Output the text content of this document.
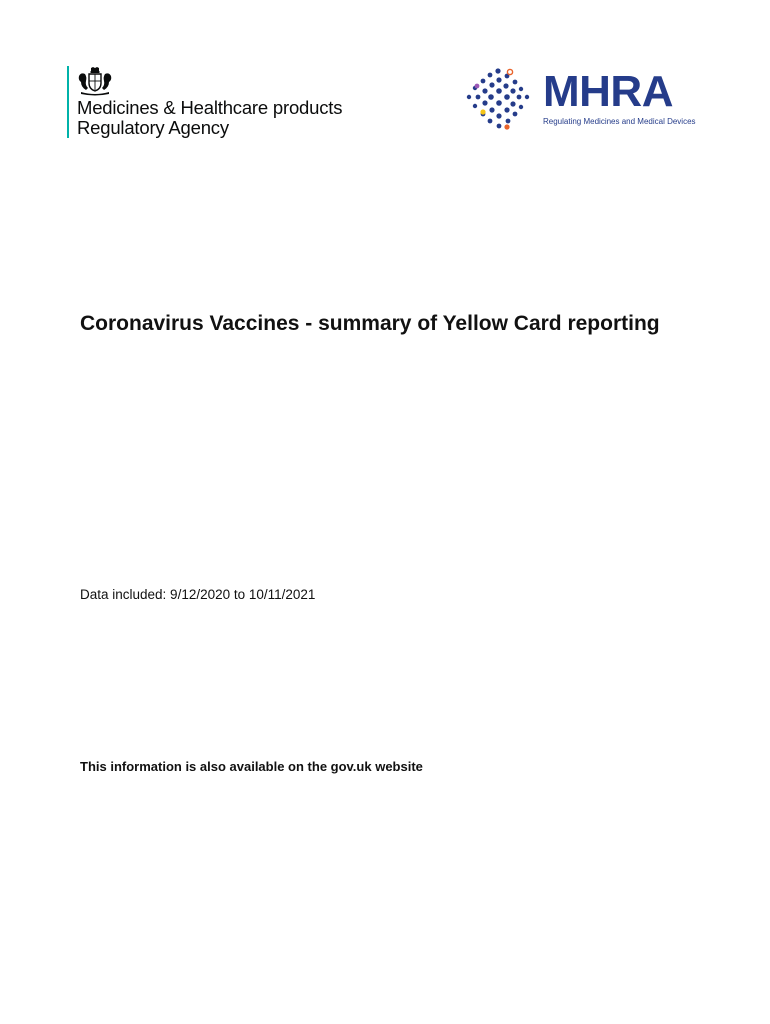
Medicines & Healthcare products
Regulatory Agency
MHRA
Regulating Medicines and Medical Devices
Coronavirus Vaccines - summary of Yellow Card reporting

Data included: 9/12/2020 to 10/11/2021

This information is also available on the gov.uk website
